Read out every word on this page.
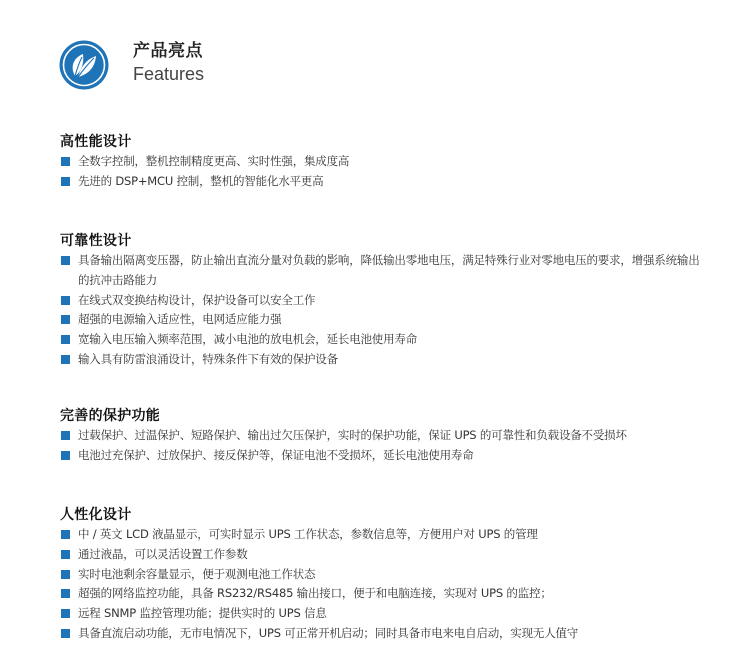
产品亮点
Features
高性能设计
全数字控制，整机控制精度更高、实时性强，集成度高
先进的 DSP+MCU 控制，整机的智能化水平更高
可靠性设计
具备输出隔离变压器，防止输出直流分量对负载的影响，降低输出零地电压，满足特殊行业对零地电压的要求，增强系统输出的抗冲击路能力
在线式双变换结构设计，保护设备可以安全工作
超强的电源输入适应性，电网适应能力强
宽输入电压输入频率范围，减小电池的放电机会，延长电池使用寿命
输入具有防雷浪涌设计，特殊条件下有效的保护设备
完善的保护功能
过载保护、过温保护、短路保护、输出过欠压保护，实时的保护功能，保证 UPS 的可靠性和负载设备不受损坏
电池过充保护、过放保护、接反保护等，保证电池不受损坏，延长电池使用寿命
人性化设计
中 / 英文 LCD 液晶显示，可实时显示 UPS 工作状态，参数信息等，方便用户对 UPS 的管理
通过液晶，可以灵活设置工作参数
实时电池剩余容量显示，便于观测电池工作状态
超强的网络监控功能，具备 RS232/RS485 输出接口，便于和电脑连接，实现对 UPS 的监控；
远程 SNMP 监控管理功能；提供实时的 UPS 信息
具备直流启动功能，无市电情况下，UPS 可正常开机启动；同时具备市电来电自启动，实现无人值守
